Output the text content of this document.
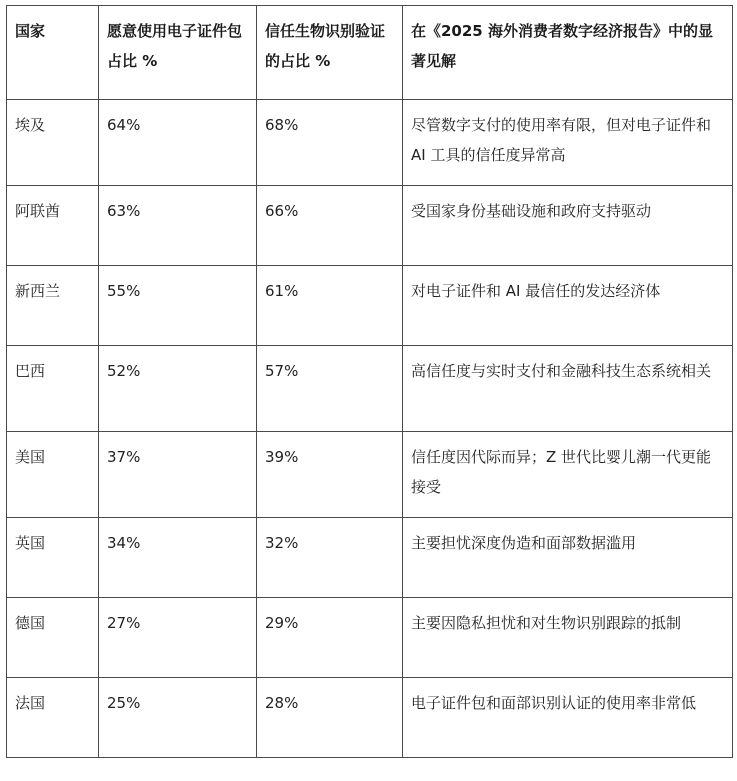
国家	愿意使用电子证件包占比 %	信任生物识别验证的占比 %	在《2025 海外消费者数字经济报告》中的显著见解
埃及	64%	68%	尽管数字支付的使用率有限，但对电子证件和 AI 工具的信任度异常高
阿联酋	63%	66%	受国家身份基础设施和政府支持驱动
新西兰	55%	61%	对电子证件和 AI 最信任的发达经济体
巴西	52%	57%	高信任度与实时支付和金融科技生态系统相关
美国	37%	39%	信任度因代际而异；Z 世代比婴儿潮一代更能接受
英国	34%	32%	主要担忧深度伪造和面部数据滥用
德国	27%	29%	主要因隐私担忧和对生物识别跟踪的抵制
法国	25%	28%	电子证件包和面部识别认证的使用率非常低
